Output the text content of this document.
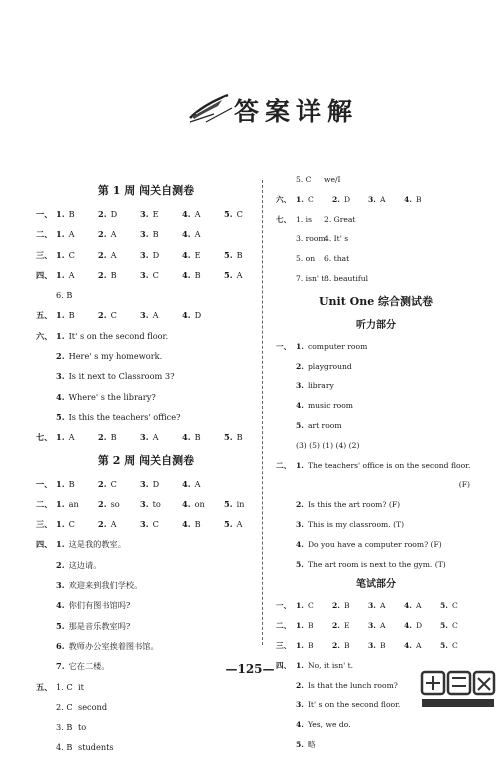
答案详解
第 1 周 闯关自测卷
一、 1. B	2. D	3. E	4. A	5. C
二、 1. A	2. A	3. B	4. A
三、 1. C	2. A	3. D	4. E	5. B
四、 1. A	2. B	3. C	4. B	5. A
6. B
五、 1. B	2. C	3. A	4. D
六、 1. It' s on the second floor.
2. Here' s my homework.
3. Is it next to Classroom 3?
4. Where' s the library?
5. Is this the teachers' office?
七、 1. A	2. B	3. A	4. B	5. B
第 2 周 闯关自测卷
一、 1. B	2. C	3. D	4. A
二、 1. an 2. so 3. to	4. on 5. in
三、 1. C	2. A	3. C	4. B	5. A
四、 1. 这是我的教室。
2. 这边请。
3. 欢迎来到我们学校。
4. 你们有图书馆吗?
5. 那是音乐教室吗?
6. 教师办公室挨着图书馆。
7. 它在二楼。
五、 1. C it
2. C second
3. B to
4. B students
5. C we/I
六、 1. C 2. D 3. A 4. B
七、 1. is 2. Great
3. room
4. It' s
5. on 6. that
7. isn' t 8. beautiful
Unit One 综合测试卷
听力部分
一、 1. computer room
2. playground
3. library
4. music room
5. art room
(3) (5) (1) (4) (2)
二、 1. The teachers' office is on the second floor.
(F)
2. Is this the art room? (F)
3. This is my classroom. (T)
4. Do you have a computer room? (F)
5. The art room is next to the gym. (T)
笔试部分
一、 1. C 2. B 3. A 4. A 5. C
二、 1. B 2. E 3. A 4. D 5. C
三、 1. B 2. B 3. B 4. A 5. C
四、 1. No, it isn' t.
2. Is that the lunch room?
3. It' s on the second floor.
4. Yes, we do.
5. 略
—125—
